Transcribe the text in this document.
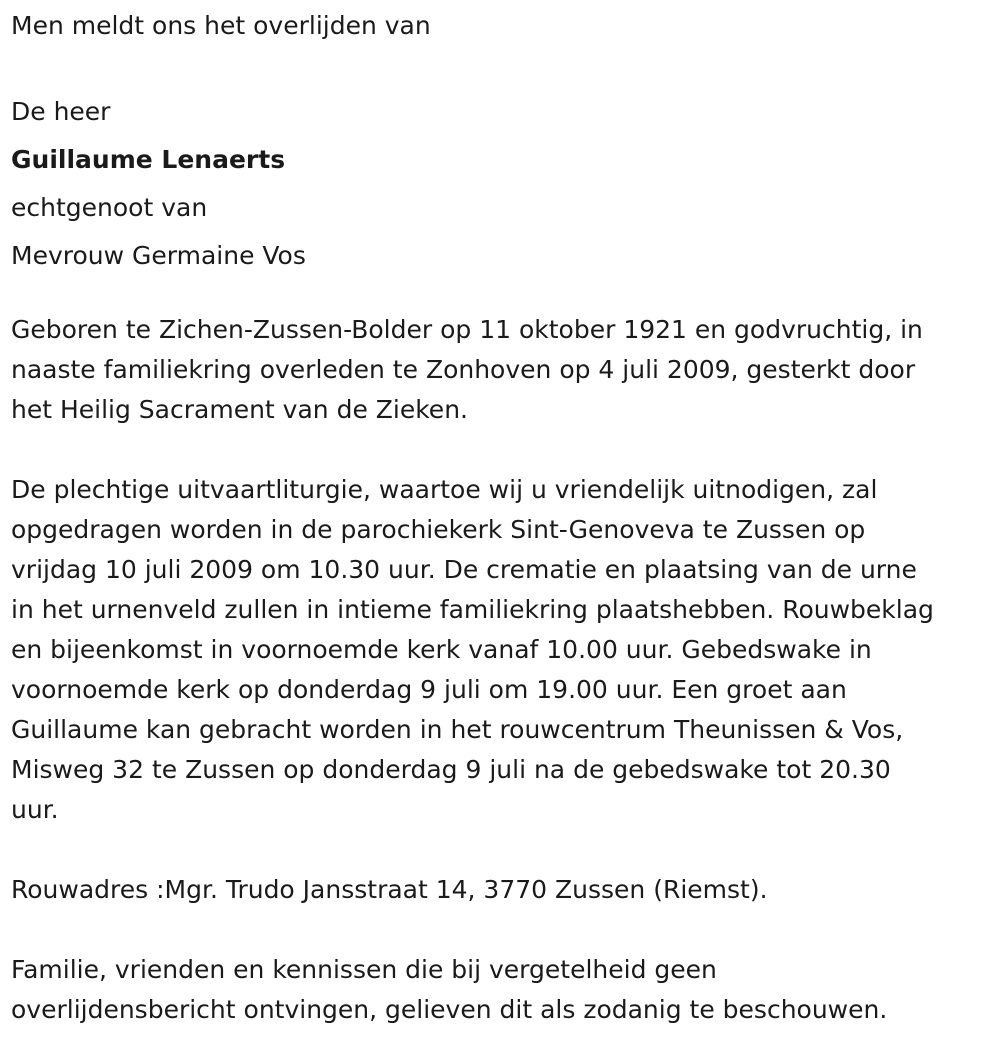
Men meldt ons het overlijden van

De heer

Guillaume Lenaerts

echtgenoot van

Mevrouw Germaine Vos

Geboren te Zichen-Zussen-Bolder op 11 oktober 1921 en godvruchtig, in

naaste familiekring overleden te Zonhoven op 4 juli 2009, gesterkt door

het Heilig Sacrament van de Zieken.

De plechtige uitvaartliturgie, waartoe wij u vriendelijk uitnodigen, zal

opgedragen worden in de parochiekerk Sint-Genoveva te Zussen op

vrijdag 10 juli 2009 om 10.30 uur. De crematie en plaatsing van de urne

in het urnenveld zullen in intieme familiekring plaatshebben. Rouwbeklag

en bijeenkomst in voornoemde kerk vanaf 10.00 uur. Gebedswake in

voornoemde kerk op donderdag 9 juli om 19.00 uur. Een groet aan

Guillaume kan gebracht worden in het rouwcentrum Theunissen & Vos,

Misweg 32 te Zussen op donderdag 9 juli na de gebedswake tot 20.30

uur.

Rouwadres :Mgr. Trudo Jansstraat 14, 3770 Zussen (Riemst).

Familie, vrienden en kennissen die bij vergetelheid geen

overlijdensbericht ontvingen, gelieven dit als zodanig te beschouwen.
